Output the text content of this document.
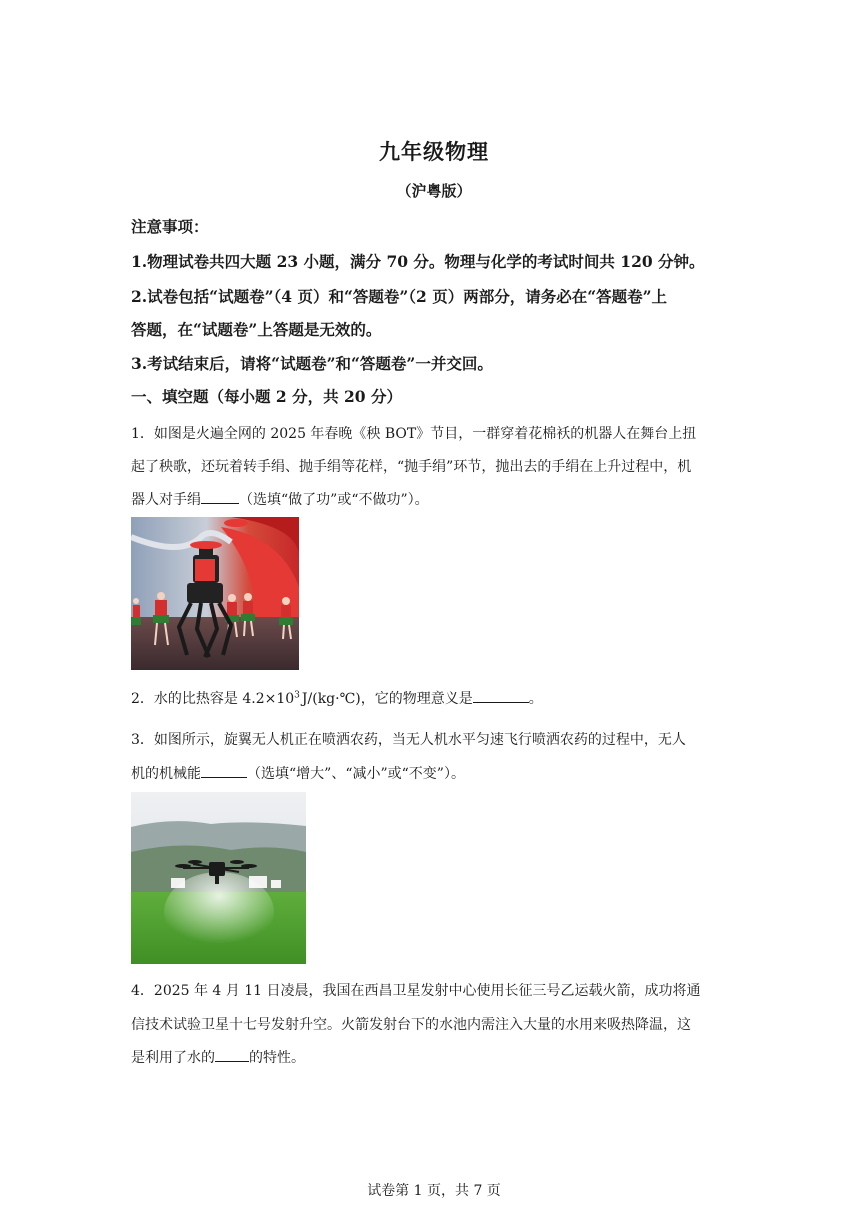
九年级物理
（沪粤版）
注意事项：
1.物理试卷共四大题 23 小题，满分 70 分。物理与化学的考试时间共 120 分钟。
2.试卷包括“试题卷”（4 页）和“答题卷”（2 页）两部分，请务必在“答题卷”上
答题，在“试题卷”上答题是无效的。
3.考试结束后，请将“试题卷”和“答题卷”一并交回。
一、填空题（每小题 2 分，共 20 分）
1．如图是火遍全网的 2025 年春晚《秧 BOT》节目，一群穿着花棉袄的机器人在舞台上扭
起了秧歌，还玩着转手绢、抛手绢等花样，“抛手绢”环节，抛出去的手绢在上升过程中，机
器人对手绢	（选填“做了功”或“不做功”）。
2．水的比热容是 $4.2\times 10^3$ J/(kg·℃)，它的物理意义是	。
3．如图所示，旋翼无人机正在喷洒农药，当无人机水平匀速飞行喷洒农药的过程中，无人
机的机械能	（选填“增大”、“减小”或“不变”）。
4．2025 年 4 月 11 日凌晨，我国在西昌卫星发射中心使用长征三号乙运载火箭，成功将通
信技术试验卫星十七号发射升空。火箭发射台下的水池内需注入大量的水用来吸热降温，这
是利用了水的 的特性。
试卷第 1 页，共 7 页
